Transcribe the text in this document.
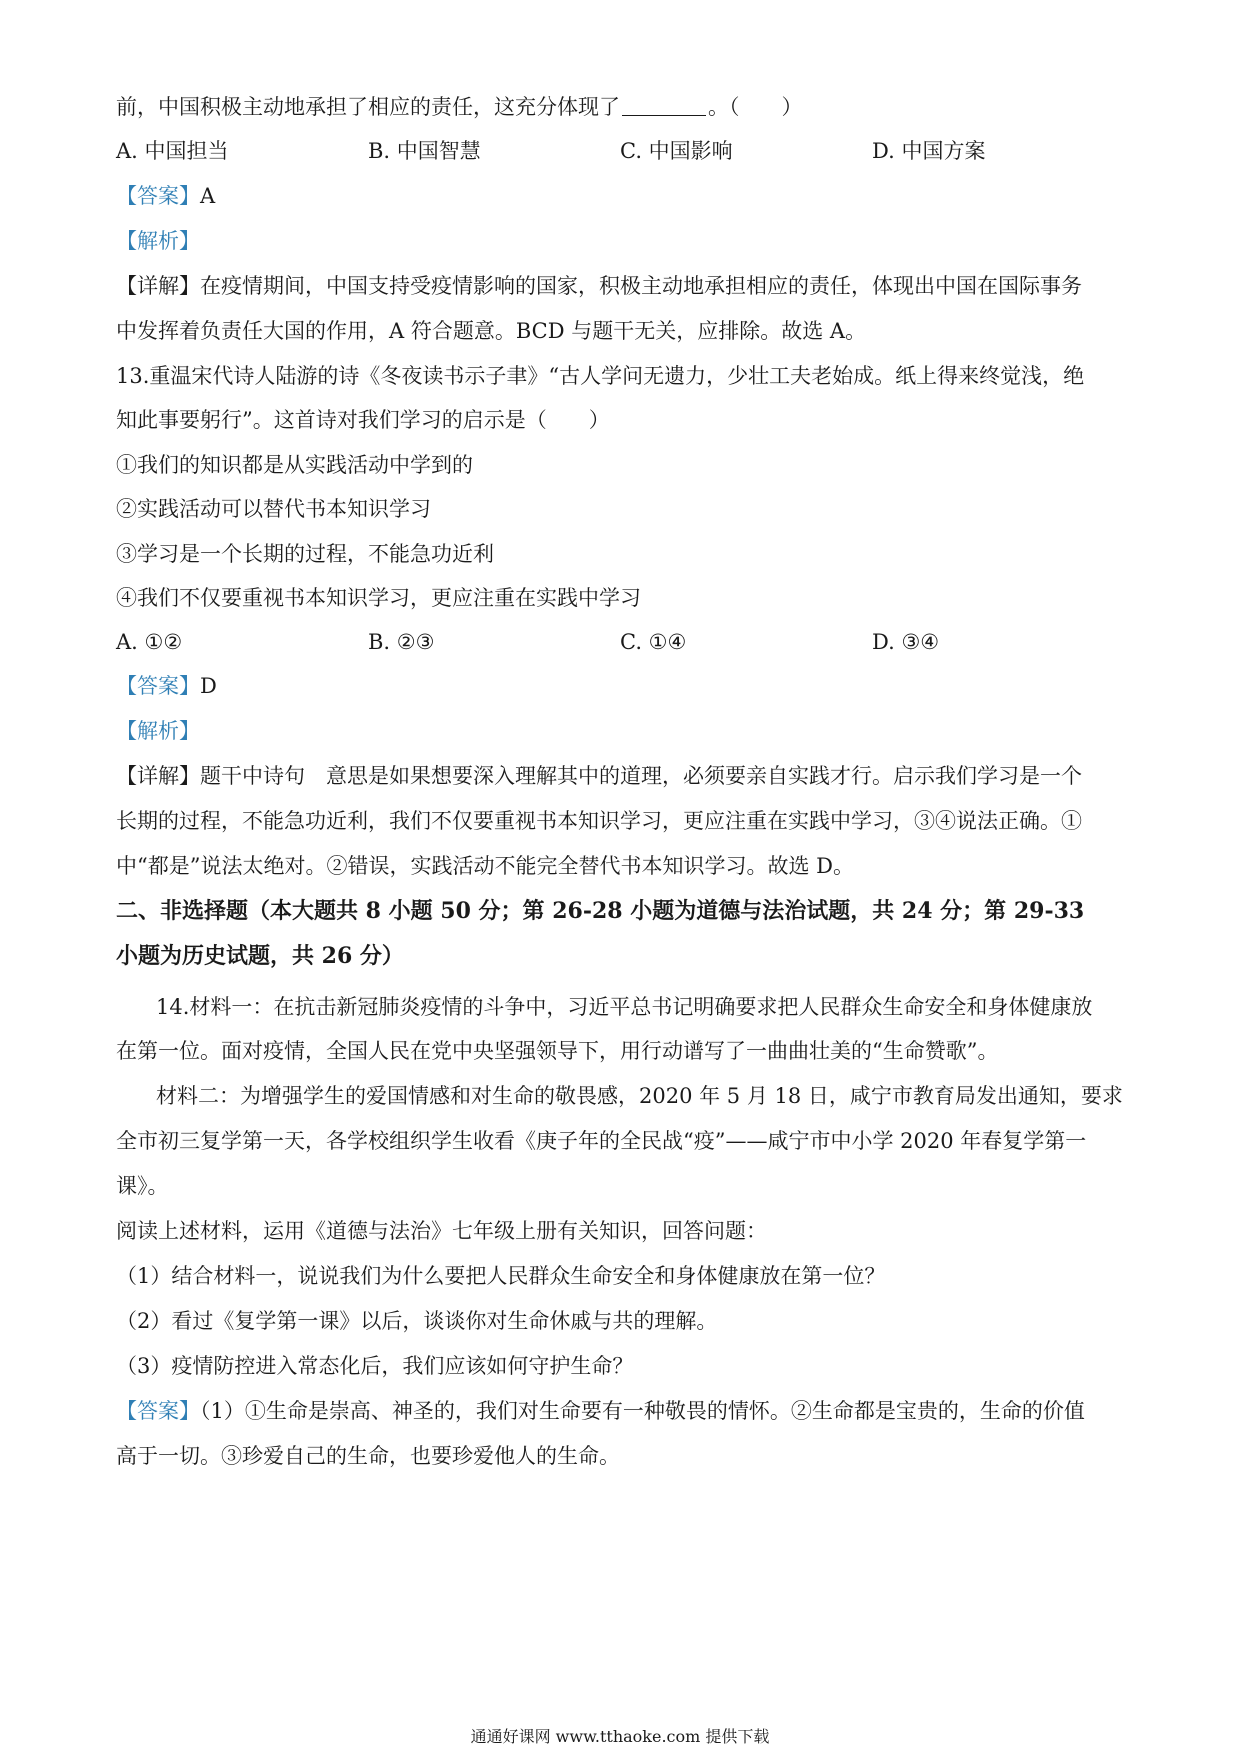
前，中国积极主动地承担了相应的责任，这充分体现了	。（　　）
A. 中国担当	B. 中国智慧	C. 中国影响	D. 中国方案
【答案】A
【解析】
【详解】在疫情期间，中国支持受疫情影响的国家，积极主动地承担相应的责任，体现出中国在国际事务
中发挥着负责任大国的作用，A 符合题意。BCD 与题干无关，应排除。故选 A。
13.重温宋代诗人陆游的诗《冬夜读书示子聿》“古人学问无遗力，少壮工夫老始成。纸上得来终觉浅，绝
知此事要躬行”。这首诗对我们学习的启示是（　　）
①我们的知识都是从实践活动中学到的
②实践活动可以替代书本知识学习
③学习是一个长期的过程，不能急功近利
④我们不仅要重视书本知识学习，更应注重在实践中学习
A. ①②	B. ②③	C. ①④	D. ③④
【答案】D
【解析】
【详解】题干中诗句　意思是如果想要深入理解其中的道理，必须要亲自实践才行。启示我们学习是一个
长期的过程，不能急功近利，我们不仅要重视书本知识学习，更应注重在实践中学习，③④说法正确。①
中“都是”说法太绝对。②错误，实践活动不能完全替代书本知识学习。故选 D。
二、非选择题（本大题共 8 小题 50 分；第 26-28 小题为道德与法治试题，共 24 分；第 29-33
小题为历史试题，共 26 分）
14.材料一：在抗击新冠肺炎疫情的斗争中，习近平总书记明确要求把人民群众生命安全和身体健康放
在第一位。面对疫情，全国人民在党中央坚强领导下，用行动谱写了一曲曲壮美的“生命赞歌”。
材料二：为增强学生的爱国情感和对生命的敬畏感，2020 年 5 月 18 日，咸宁市教育局发出通知，要求
全市初三复学第一天，各学校组织学生收看《庚子年的全民战“疫”——咸宁市中小学 2020 年春复学第一
课》。
阅读上述材料，运用《道德与法治》七年级上册有关知识，回答问题：
（1）结合材料一，说说我们为什么要把人民群众生命安全和身体健康放在第一位？
（2）看过《复学第一课》以后，谈谈你对生命休戚与共的理解。
（3）疫情防控进入常态化后，我们应该如何守护生命？
【答案】（1）①生命是崇高、神圣的，我们对生命要有一种敬畏的情怀。②生命都是宝贵的，生命的价值
高于一切。③珍爱自己的生命，也要珍爱他人的生命。
通通好课网 www.tthaoke.com 提供下载
